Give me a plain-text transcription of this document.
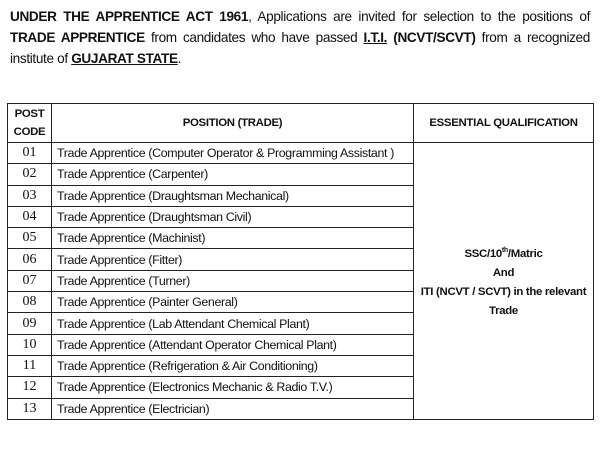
UNDER THE APPRENTICE ACT 1961, Applications are invited for selection to the positions of TRADE APPRENTICE from candidates who have passed I.T.I. (NCVT/SCVT) from a recognized institute of GUJARAT STATE.
POST
CODE	POSITION (TRADE)	ESSENTIAL QUALIFICATION
01	Trade Apprentice (Computer Operator & Programming Assistant )	SSC/10th/Matric
And
ITI (NCVT / SCVT) in the relevant
Trade
02	Trade Apprentice (Carpenter)	
03	Trade Apprentice (Draughtsman Mechanical)	
04	Trade Apprentice (Draughtsman Civil)	
05	Trade Apprentice (Machinist)	
06	Trade Apprentice (Fitter)	
07	Trade Apprentice (Turner)	
08	Trade Apprentice (Painter General)	
09	Trade Apprentice (Lab Attendant Chemical Plant)	
10	Trade Apprentice (Attendant Operator Chemical Plant)	
11	Trade Apprentice (Refrigeration & Air Conditioning)	
12	Trade Apprentice (Electronics Mechanic & Radio T.V.)	
13	Trade Apprentice (Electrician)	
